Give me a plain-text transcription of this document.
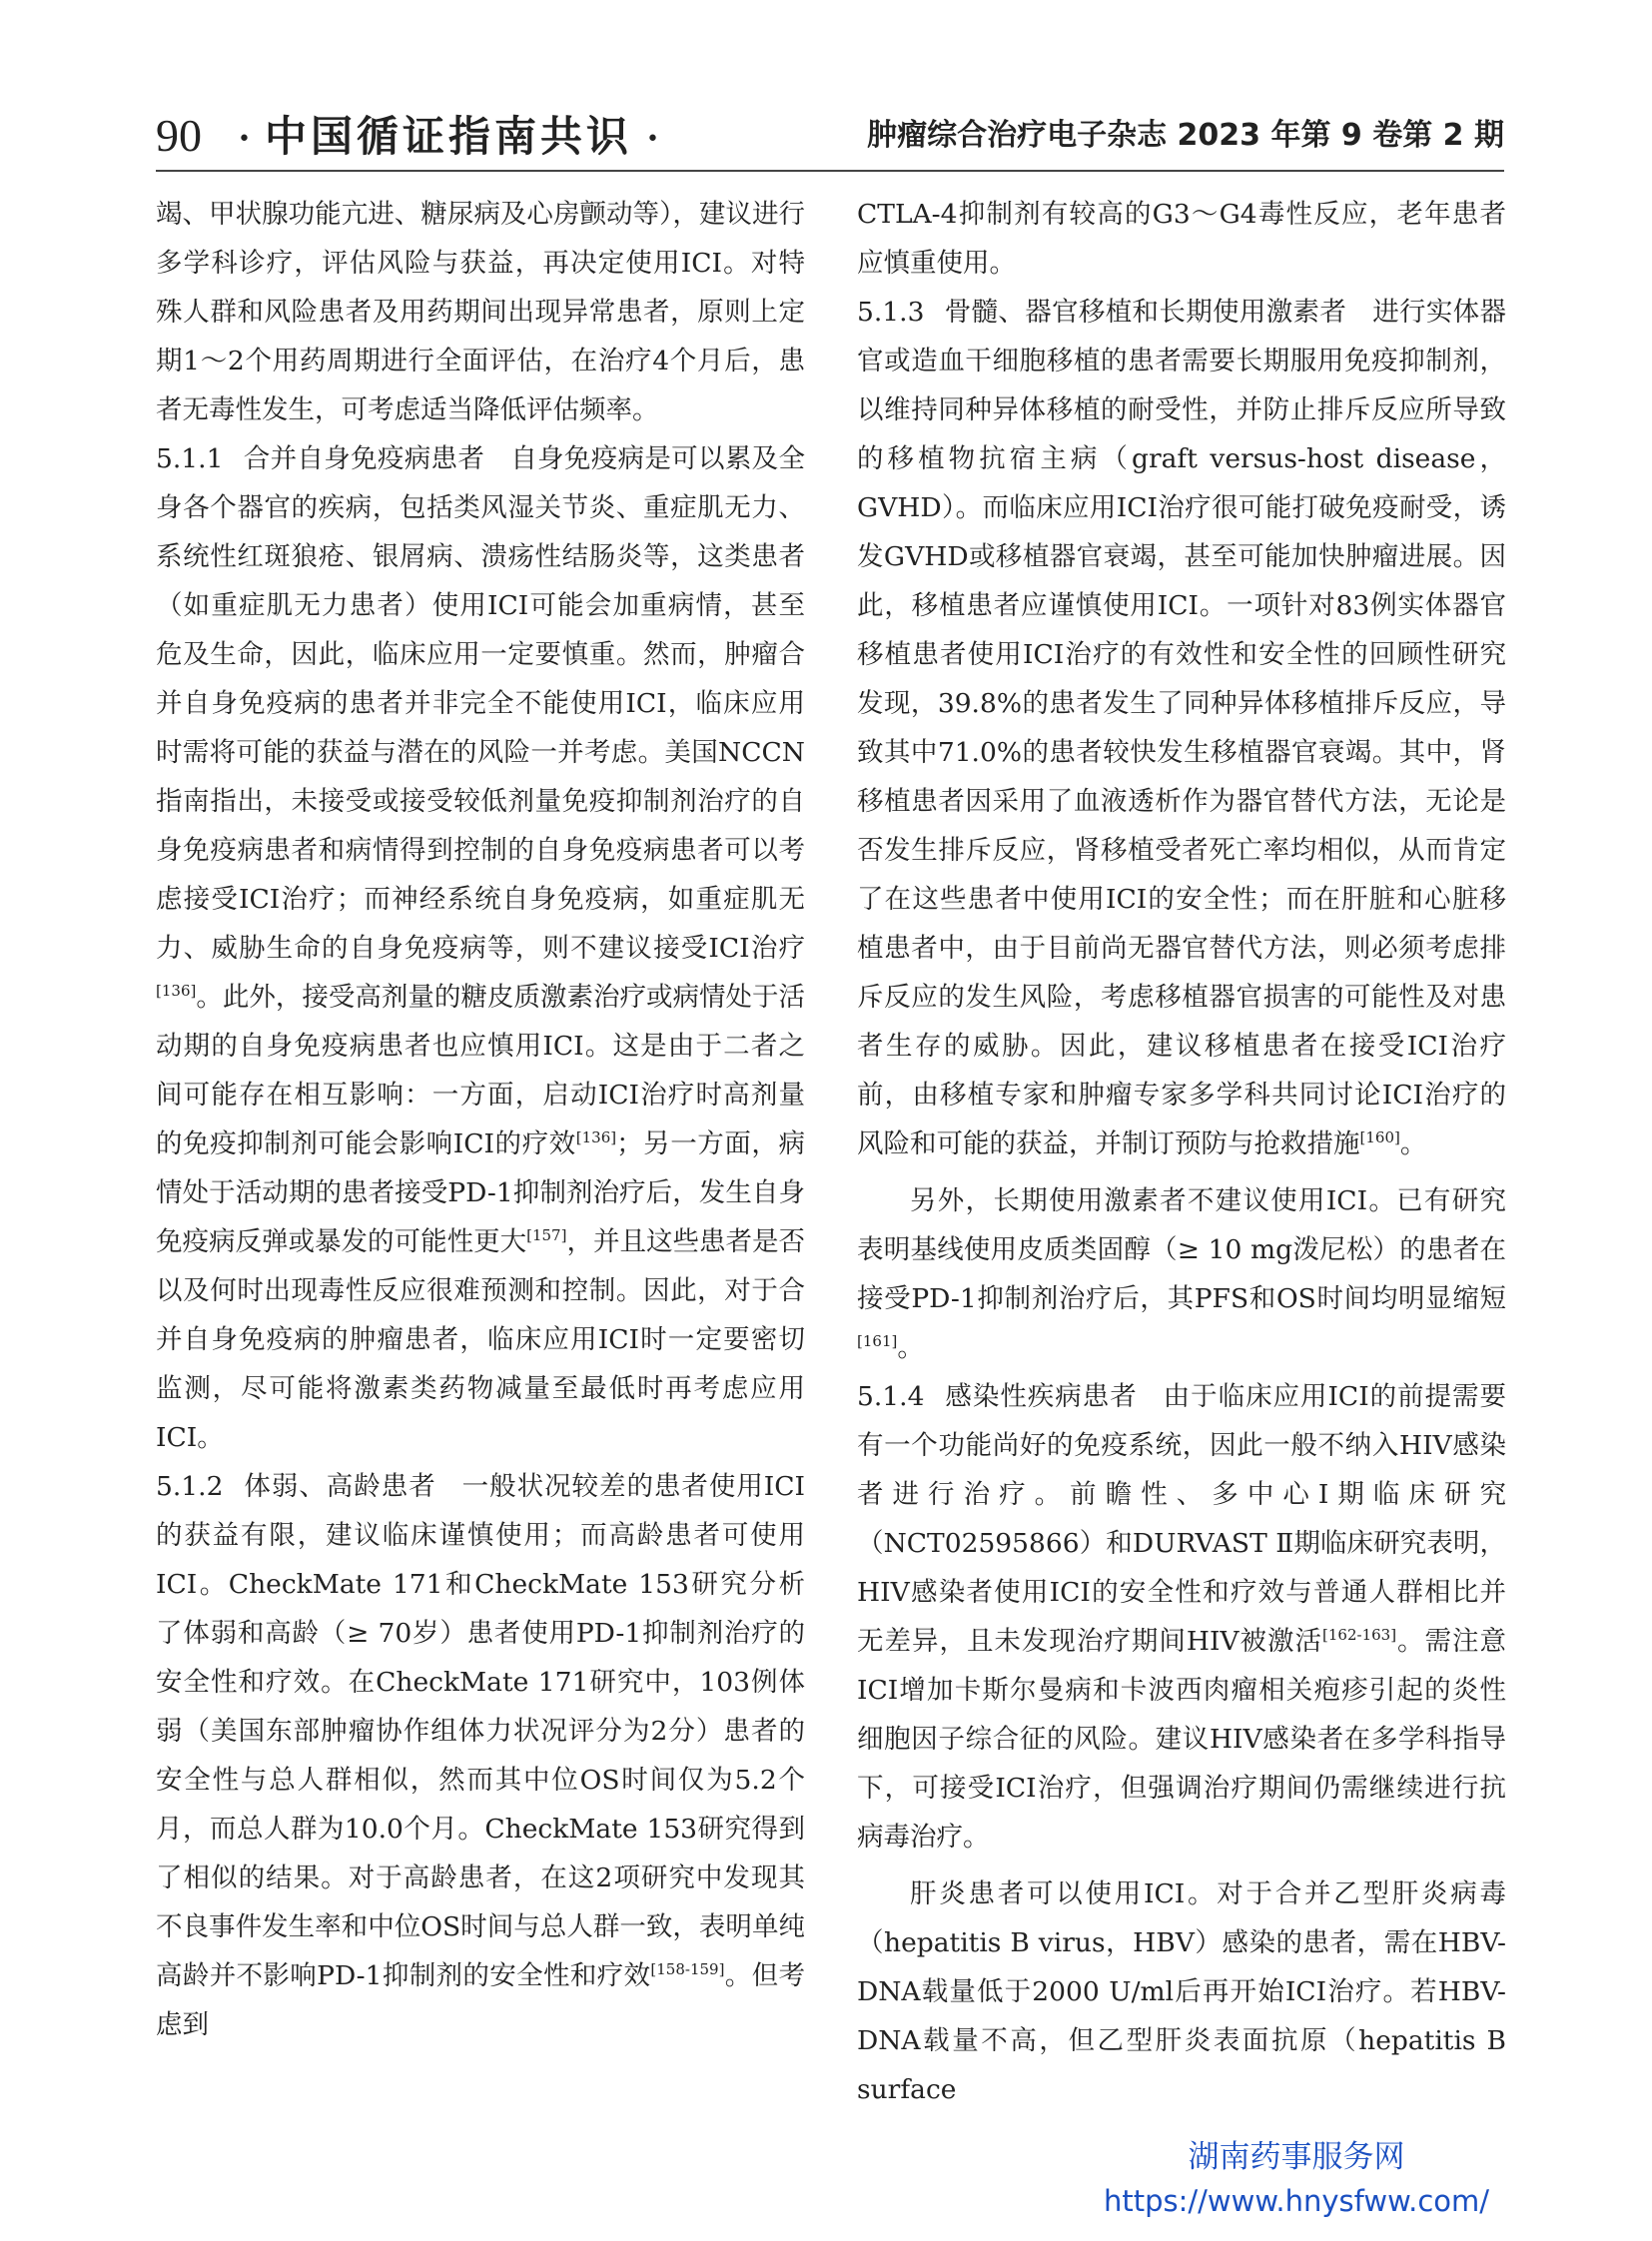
90 • 中国循证指南共识 •	肿瘤综合治疗电子杂志 2023 年第 9 卷第 2 期

竭、甲状腺功能亢进、糖尿病及心房颤动等），建议进行多学科诊疗，评估风险与获益，再决定使用ICI。对特殊人群和风险患者及用药期间出现异常患者，原则上定期1～2个用药周期进行全面评估，在治疗4个月后，患者无毒性发生，可考虑适当降低评估频率。

5.1.1 合并自身免疫病患者 自身免疫病是可以累及全身各个器官的疾病，包括类风湿关节炎、重症肌无力、系统性红斑狼疮、银屑病、溃疡性结肠炎等，这类患者（如重症肌无力患者）使用ICI可能会加重病情，甚至危及生命，因此，临床应用一定要慎重。然而，肿瘤合并自身免疫病的患者并非完全不能使用ICI，临床应用时需将可能的获益与潜在的风险一并考虑。美国NCCN指南指出，未接受或接受较低剂量免疫抑制剂治疗的自身免疫病患者和病情得到控制的自身免疫病患者可以考虑接受ICI治疗；而神经系统自身免疫病，如重症肌无力、威胁生命的自身免疫病等，则不建议接受ICI治疗[136]。此外，接受高剂量的糖皮质激素治疗或病情处于活动期的自身免疫病患者也应慎用ICI。这是由于二者之间可能存在相互影响：一方面，启动ICI治疗时高剂量的免疫抑制剂可能会影响ICI的疗效[136]；另一方面，病情处于活动期的患者接受PD-1抑制剂治疗后，发生自身免疫病反弹或暴发的可能性更大[157]，并且这些患者是否以及何时出现毒性反应很难预测和控制。因此，对于合并自身免疫病的肿瘤患者，临床应用ICI时一定要密切监测，尽可能将激素类药物减量至最低时再考虑应用ICI。

5.1.2 体弱、高龄患者 一般状况较差的患者使用ICI的获益有限，建议临床谨慎使用；而高龄患者可使用ICI。CheckMate 171和CheckMate 153研究分析了体弱和高龄（≥ 70岁）患者使用PD-1抑制剂治疗的安全性和疗效。在CheckMate 171研究中，103例体弱（美国东部肿瘤协作组体力状况评分为2分）患者的安全性与总人群相似，然而其中位OS时间仅为5.2个月，而总人群为10.0个月。CheckMate 153研究得到了相似的结果。对于高龄患者，在这2项研究中发现其不良事件发生率和中位OS时间与总人群一致，表明单纯高龄并不影响PD-1抑制剂的安全性和疗效[158-159]。但考虑到

CTLA-4抑制剂有较高的G3～G4毒性反应，老年患者应慎重使用。

5.1.3 骨髓、器官移植和长期使用激素者 进行实体器官或造血干细胞移植的患者需要长期服用免疫抑制剂，以维持同种异体移植的耐受性，并防止排斥反应所导致的移植物抗宿主病（graft versus-host disease，GVHD）。而临床应用ICI治疗很可能打破免疫耐受，诱发GVHD或移植器官衰竭，甚至可能加快肿瘤进展。因此，移植患者应谨慎使用ICI。一项针对83例实体器官移植患者使用ICI治疗的有效性和安全性的回顾性研究发现，39.8%的患者发生了同种异体移植排斥反应，导致其中71.0%的患者较快发生移植器官衰竭。其中，肾移植患者因采用了血液透析作为器官替代方法，无论是否发生排斥反应，肾移植受者死亡率均相似，从而肯定了在这些患者中使用ICI的安全性；而在肝脏和心脏移植患者中，由于目前尚无器官替代方法，则必须考虑排斥反应的发生风险，考虑移植器官损害的可能性及对患者生存的威胁。因此，建议移植患者在接受ICI治疗前，由移植专家和肿瘤专家多学科共同讨论ICI治疗的风险和可能的获益，并制订预防与抢救措施[160]。

另外，长期使用激素者不建议使用ICI。已有研究表明基线使用皮质类固醇（≥ 10 mg泼尼松）的患者在接受PD-1抑制剂治疗后，其PFS和OS时间均明显缩短[161]。

5.1.4 感染性疾病患者 由于临床应用ICI的前提需要有一个功能尚好的免疫系统，因此一般不纳入HIV感染者进行治疗。前瞻性、多中心Ⅰ期临床研究（NCT02595866）和DURVAST Ⅱ期临床研究表明，HIV感染者使用ICI的安全性和疗效与普通人群相比并无差异，且未发现治疗期间HIV被激活[162-163]。需注意ICI增加卡斯尔曼病和卡波西肉瘤相关疱疹引起的炎性细胞因子综合征的风险。建议HIV感染者在多学科指导下，可接受ICI治疗，但强调治疗期间仍需继续进行抗病毒治疗。

肝炎患者可以使用ICI。对于合并乙型肝炎病毒（hepatitis B virus，HBV）感染的患者，需在HBV-DNA载量低于2000 U/ml后再开始ICI治疗。若HBV-DNA载量不高，但乙型肝炎表面抗原（hepatitis B surface

湖南药事服务网
https://www.hnysfww.com/
